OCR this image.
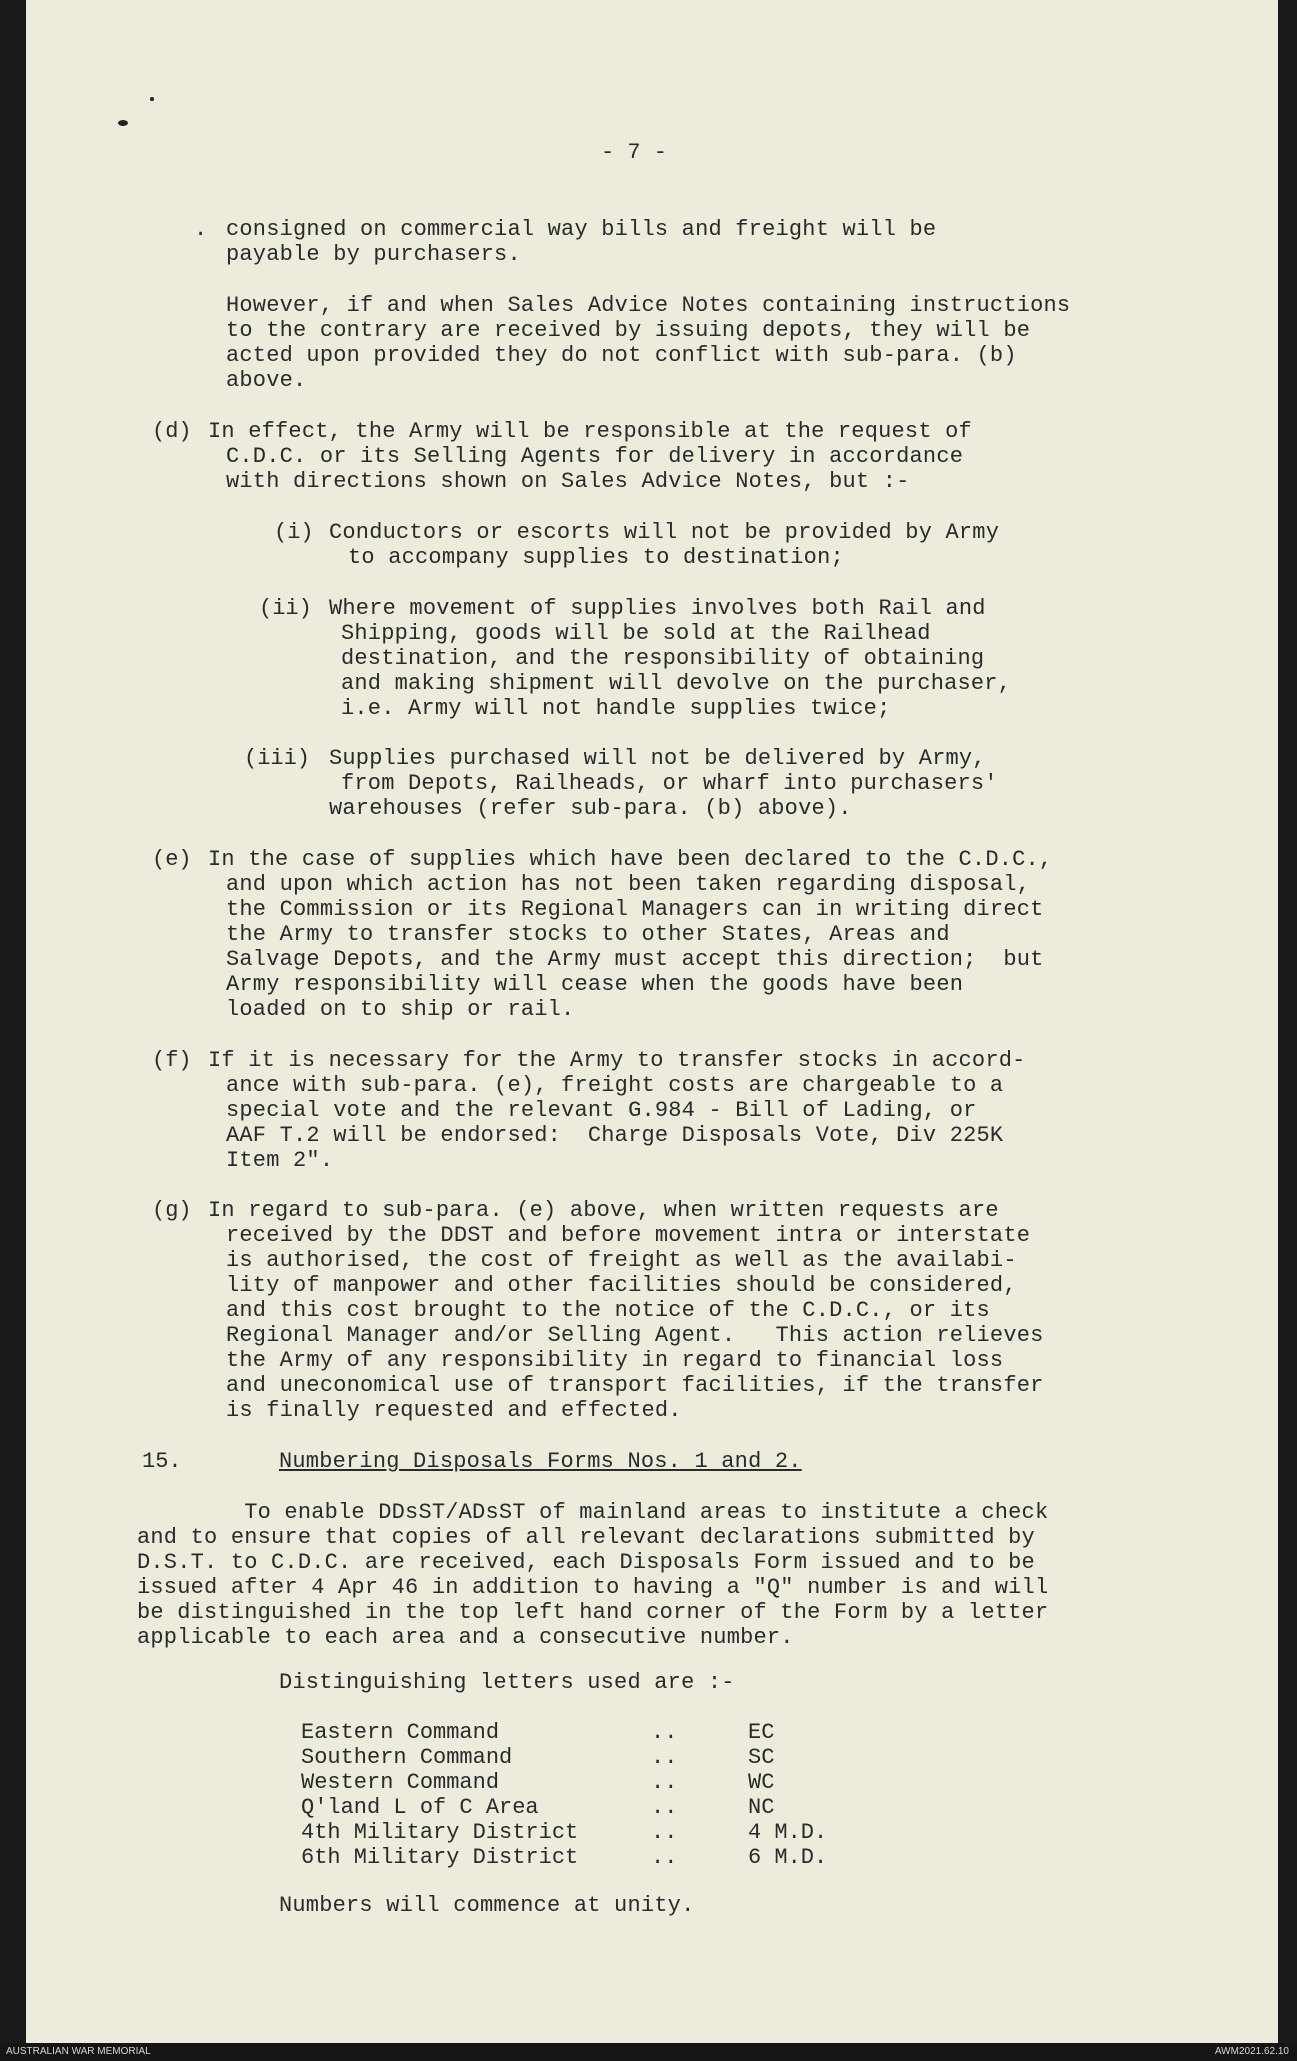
- 7 -
. consigned on commercial way bills and freight will be
payable by purchasers.
However, if and when Sales Advice Notes containing instructions
to the contrary are received by issuing depots, they will be
acted upon provided they do not conflict with sub-para. (b)
above.
(d) In effect, the Army will be responsible at the request of
C.D.C. or its Selling Agents for delivery in accordance
with directions shown on Sales Advice Notes, but :-
(i) Conductors or escorts will not be provided by Army
to accompany supplies to destination;
(ii) Where movement of supplies involves both Rail and
Shipping, goods will be sold at the Railhead
destination, and the responsibility of obtaining
and making shipment will devolve on the purchaser,
i.e. Army will not handle supplies twice;
(iii) Supplies purchased will not be delivered by Army,
from Depots, Railheads, or wharf into purchasers'
warehouses (refer sub-para. (b) above).
(e) In the case of supplies which have been declared to the C.D.C.,
and upon which action has not been taken regarding disposal,
the Commission or its Regional Managers can in writing direct
the Army to transfer stocks to other States, Areas and
Salvage Depots, and the Army must accept this direction;  but
Army responsibility will cease when the goods have been
loaded on to ship or rail.
(f) If it is necessary for the Army to transfer stocks in accord-
ance with sub-para. (e), freight costs are chargeable to a
special vote and the relevant G.984 - Bill of Lading, or
AAF T.2 will be endorsed:  Charge Disposals Vote, Div 225K
Item 2".
(g) In regard to sub-para. (e) above, when written requests are
received by the DDST and before movement intra or interstate
is authorised, the cost of freight as well as the availabi-
lity of manpower and other facilities should be considered,
and this cost brought to the notice of the C.D.C., or its
Regional Manager and/or Selling Agent.   This action relieves
the Army of any responsibility in regard to financial loss
and uneconomical use of transport facilities, if the transfer
is finally requested and effected.
15.	Numbering Disposals Forms Nos. 1 and 2.
To enable DDsST/ADsST of mainland areas to institute a check
and to ensure that copies of all relevant declarations submitted by
D.S.T. to C.D.C. are received, each Disposals Form issued and to be
issued after 4 Apr 46 in addition to having a "Q" number is and will
be distinguished in the top left hand corner of the Form by a letter
applicable to each area and a consecutive number.
Distinguishing letters used are :-
Eastern Command	..	EC
Southern Command	..	SC
Western Command	..	WC
Q'land L of C Area	..	NC
4th Military District	..	4 M.D.
6th Military District	..	6 M.D.
Numbers will commence at unity.
AUSTRALIAN WAR MEMORIAL	AWM2021.62.10
